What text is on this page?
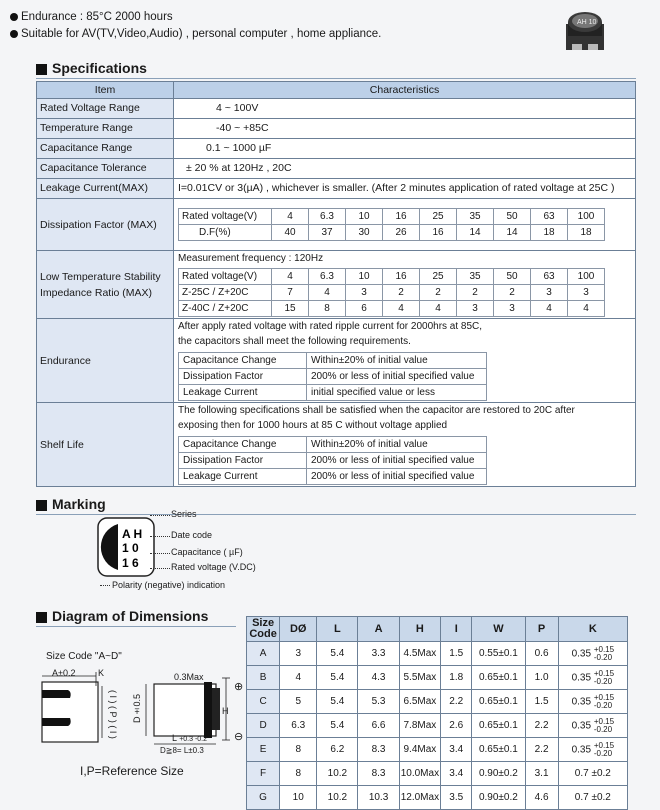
Endurance : 85°C 2000 hours
Suitable for AV(TV,Video,Audio) , personal computer , home appliance.
AH 10
Specifications
Item	Characteristics
Rated Voltage Range	4 ~ 100V
Temperature Range	-40 ~ +85C
Capacitance Range	0.1 ~ 1000 µF
Capacitance Tolerance	± 20 % at 120Hz , 20C
Leakage Current(MAX)	I=0.01CV or 3(µA) , whichever is smaller. (After 2 minutes application of rated voltage at 25C )
Dissipation Factor (MAX)	
Rated voltage(V)	4	6.3	10	16	25	35	50	63	100
D.F(%)	40	37	30	26	16	14	14	18	18

Low Temperature Stability
Impedance Ratio (MAX)

Measurement frequency : 120Hz
Rated voltage(V)	4	6.3	10	16	25	35	50	63	100
Z-25C / Z+20C	7	4	3	2	2	2	2	3	3
Z-40C / Z+20C	15	8	6	4	4	3	3	4	4

Endurance	
After apply rated voltage with rated ripple current for 2000hrs at 85C,
the capacitors shall meet the following requirements.
Capacitance Change	Within±20% of initial value
Dissipation Factor	200% or less of initial specified value
Leakage Current	initial specified value or less

Shelf Life	
The following specifications shall be satisfied when the capacitor are restored to 20C after
exposing then for 1000 hours at 85 C without voltage applied
Capacitance Change	Within±20% of initial value
Dissipation Factor	200% or less of initial specified value
Leakage Current	200% or less of initial specified value
Marking
A H
1 0
1 6
Series
Date code
Capacitance ( µF)
Rated voltage (V.DC)
Polarity (negative) indication
Diagram of Dimensions
Size Code "A~D"
A±0.2	K
( I ) ( P ) ( I )
0.3Max
⊕
⊖
D±0.5	H
L +0.3 -0.2
D≧8= L±0.3
I,P=Reference Size
Size Code	DØ	L	A	H	I	W	P	K
A	3	5.4	3.3	4.5Max	1.5	0.55±0.1	0.6	0.35 +0.15
-0.20
B	4	5.4	4.3	5.5Max	1.8	0.65±0.1	1.0	0.35 +0.15
-0.20
C	5	5.4	5.3	6.5Max	2.2	0.65±0.1	1.5	0.35 +0.15
-0.20
D	6.3	5.4	6.6	7.8Max	2.6	0.65±0.1	2.2	0.35 +0.15
-0.20
E	8	6.2	8.3	9.4Max	3.4	0.65±0.1	2.2	0.35 +0.15
-0.20
F	8	10.2	8.3	10.0Max	3.4	0.90±0.2	3.1	0.7 ±0.2
G	10	10.2	10.3	12.0Max	3.5	0.90±0.2	4.6	0.7 ±0.2
